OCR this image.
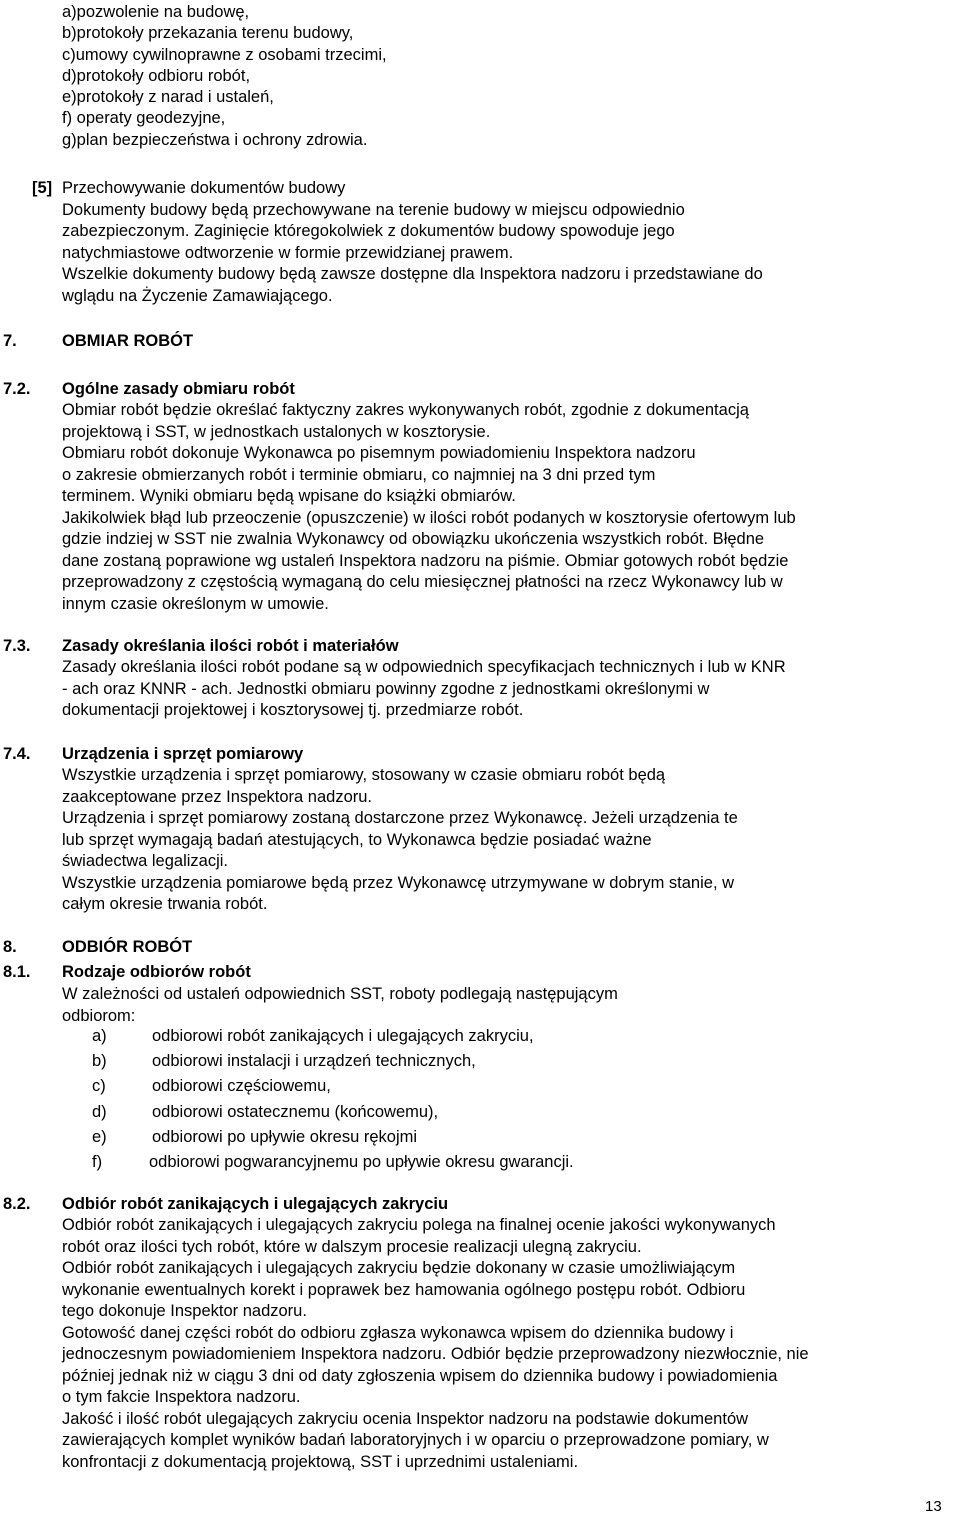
a)pozwolenie na budowę,
b)protokoły przekazania terenu budowy,
c)umowy cywilnoprawne z osobami trzecimi,
d)protokoły odbioru robót,
e)protokoły z narad i ustaleń,
f) operaty geodezyjne,
g)plan bezpieczeństwa i ochrony zdrowia.
[5] Przechowywanie dokumentów budowy
Dokumenty budowy będą przechowywane na terenie budowy w miejscu odpowiednio
zabezpieczonym. Zaginięcie któregokolwiek z dokumentów budowy spowoduje jego
natychmiastowe odtworzenie w formie przewidzianej prawem.
Wszelkie dokumenty budowy będą zawsze dostępne dla Inspektora nadzoru i przedstawiane do
wglądu na Życzenie Zamawiającego.
7.	OBMIAR ROBÓT
7.2. Ogólne zasady obmiaru robót
Obmiar robót będzie określać faktyczny zakres wykonywanych robót, zgodnie z dokumentacją
projektową i SST, w jednostkach ustalonych w kosztorysie.
Obmiaru robót dokonuje Wykonawca po pisemnym powiadomieniu Inspektora nadzoru
o zakresie obmierzanych robót i terminie obmiaru, co najmniej na 3 dni przed tym
terminem. Wyniki obmiaru będą wpisane do książki obmiarów.
Jakikolwiek błąd lub przeoczenie (opuszczenie) w ilości robót podanych w kosztorysie ofertowym lub
gdzie indziej w SST nie zwalnia Wykonawcy od obowiązku ukończenia wszystkich robót. Błędne
dane zostaną poprawione wg ustaleń Inspektora nadzoru na piśmie. Obmiar gotowych robót będzie
przeprowadzony z częstością wymaganą do celu miesięcznej płatności na rzecz Wykonawcy lub w
innym czasie określonym w umowie.
7.3. Zasady określania ilości robót i materiałów
Zasady określania ilości robót podane są w odpowiednich specyfikacjach technicznych i lub w KNR
- ach oraz KNNR - ach. Jednostki obmiaru powinny zgodne z jednostkami określonymi w
dokumentacji projektowej i kosztorysowej tj. przedmiarze robót.
7.4. Urządzenia i sprzęt pomiarowy
Wszystkie urządzenia i sprzęt pomiarowy, stosowany w czasie obmiaru robót będą
zaakceptowane przez Inspektora nadzoru.
Urządzenia i sprzęt pomiarowy zostaną dostarczone przez Wykonawcę. Jeżeli urządzenia te
lub sprzęt wymagają badań atestujących, to Wykonawca będzie posiadać ważne
świadectwa legalizacji.
Wszystkie urządzenia pomiarowe będą przez Wykonawcę utrzymywane w dobrym stanie, w
całym okresie trwania robót.
8.	ODBIÓR ROBÓT
8.1. Rodzaje odbiorów robót
W zależności od ustaleń odpowiednich SST, roboty podlegają następującym
odbiorom:
a)	odbiorowi robót zanikających i ulegających zakryciu,
b)	odbiorowi instalacji i urządzeń technicznych,
c)	odbiorowi częściowemu,
d)	odbiorowi ostatecznemu (końcowemu),
e)	odbiorowi po upływie okresu rękojmi
f)	odbiorowi pogwarancyjnemu po upływie okresu gwarancji.
8.2. Odbiór robót zanikających i ulegających zakryciu
Odbiór robót zanikających i ulegających zakryciu polega na finalnej ocenie jakości wykonywanych
robót oraz ilości tych robót, które w dalszym procesie realizacji ulegną zakryciu.
Odbiór robót zanikających i ulegających zakryciu będzie dokonany w czasie umożliwiającym
wykonanie ewentualnych korekt i poprawek bez hamowania ogólnego postępu robót. Odbioru
tego dokonuje Inspektor nadzoru.
Gotowość danej części robót do odbioru zgłasza wykonawca wpisem do dziennika budowy i
jednoczesnym powiadomieniem Inspektora nadzoru. Odbiór będzie przeprowadzony niezwłocznie, nie
później jednak niż w ciągu 3 dni od daty zgłoszenia wpisem do dziennika budowy i powiadomienia
o tym fakcie Inspektora nadzoru.
Jakość i ilość robót ulegających zakryciu ocenia Inspektor nadzoru na podstawie dokumentów
zawierających komplet wyników badań laboratoryjnych i w oparciu o przeprowadzone pomiary, w
konfrontacji z dokumentacją projektową, SST i uprzednimi ustaleniami.
13
